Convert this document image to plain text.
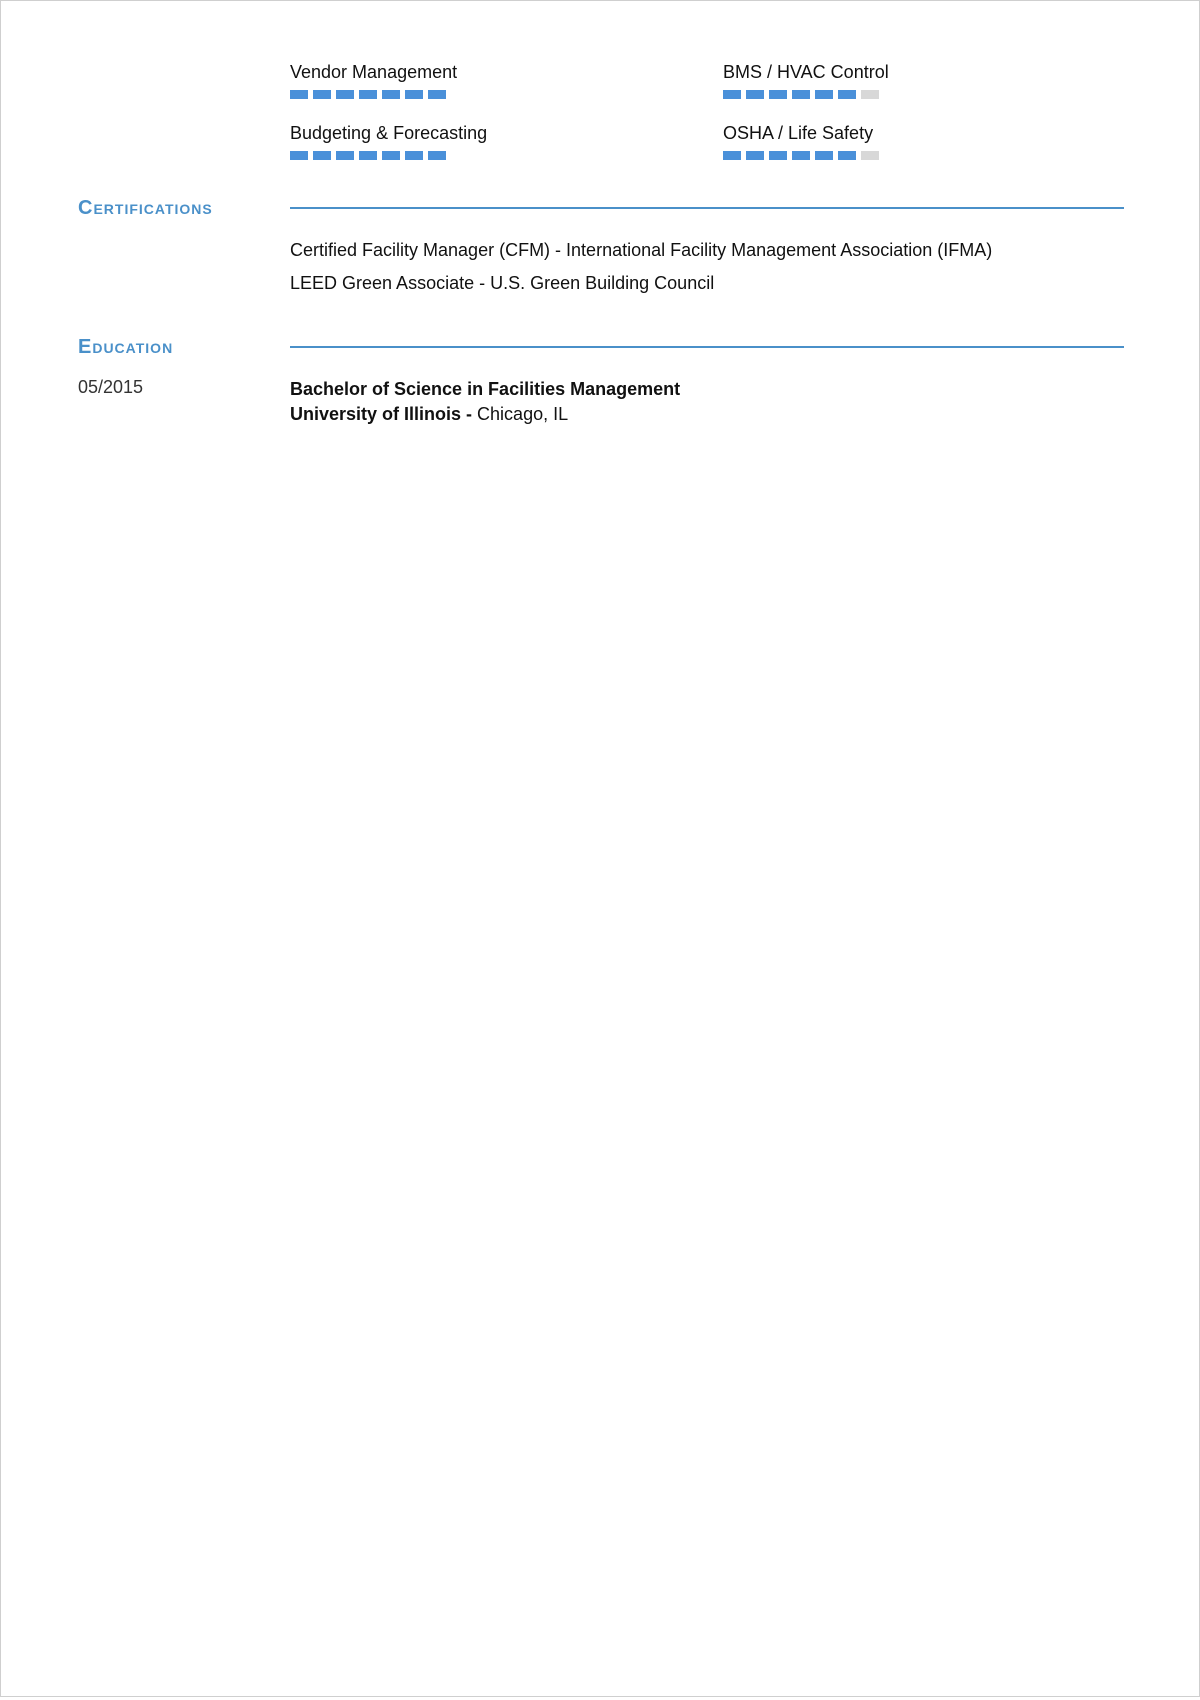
Vendor Management	BMS / HVAC Control
Budgeting & Forecasting	OSHA / Life Safety
Certifications
Certified Facility Manager (CFM) - International Facility Management Association (IFMA)
LEED Green Associate - U.S. Green Building Council
Education
05/2015	Bachelor of Science in Facilities Management
University of Illinois - Chicago, IL
